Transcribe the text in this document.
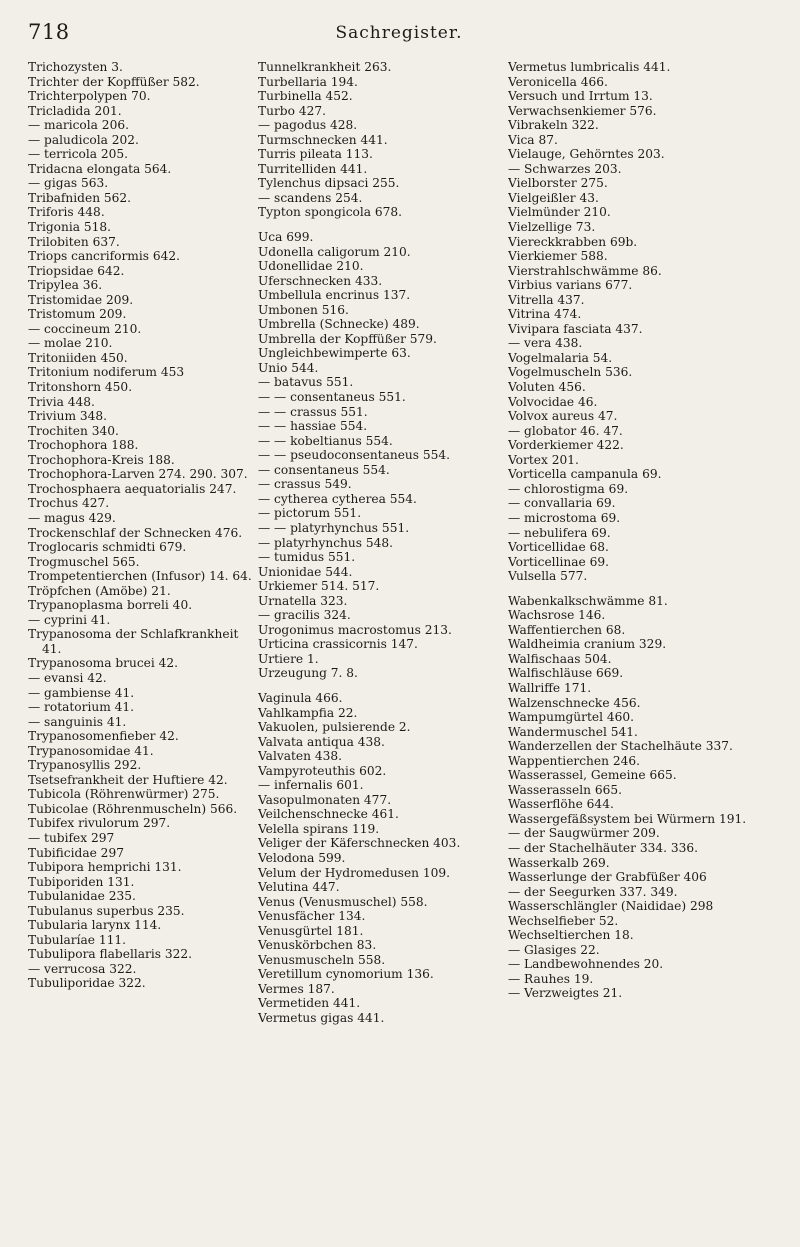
718	Sachregister.
Trichozysten 3.
Trichter der Kopffüßer 582.
Trichterpolypen 70.
Tricladida 201.
— maricola 206.
— paludicola 202.
— terricola 205.
Tridacna elongata 564.
— gigas 563.
Tribafniden 562.
Triforis 448.
Trigonia 518.
Trilobiten 637.
Triops cancriformis 642.
Triopsidae 642.
Tripylea 36.
Tristomidae 209.
Tristomum 209.
— coccineum 210.
— molae 210.
Tritoniiden 450.
Tritonium nodiferum 453
Tritonshorn 450.
Trivia 448.
Trivium 348.
Trochiten 340.
Trochophora 188.
Trochophora-Kreis 188.
Trochophora-Larven 274. 290. 307.
Trochosphaera aequatorialis 247.
Trochus 427.
— magus 429.
Trockenschlaf der Schnecken 476.
Troglocaris schmidti 679.
Trogmuschel 565.
Trompetentierchen (Infusor) 14. 64.
Tröpfchen (Amöbe) 21.
Trypanoplasma borreli 40.
— cyprini 41.
Trypanosoma der Schlafkrankheit 41.
Trypanosoma brucei 42.
— evansi 42.
— gambiense 41.
— rotatorium 41.
— sanguinis 41.
Trypanosomenfieber 42.
Trypanosomidae 41.
Trypanosyllis 292.
Tsetsefrankheit der Huftiere 42.
Tubicola (Röhrenwürmer) 275.
Tubicolae (Röhrenmuscheln) 566.
Tubifex rivulorum 297.
— tubifex 297
Tubificidae 297
Tubipora hemprichi 131.
Tubiporiden 131.
Tubulanidae 235.
Tubulanus superbus 235.
Tubularia larynx 114.
Tubularíae 111.
Tubulipora flabellaris 322.
— verrucosa 322.
Tubuliporidae 322.
Tunnelkrankheit 263.
Turbellaria 194.
Turbinella 452.
Turbo 427.
— pagodus 428.
Turmschnecken 441.
Turris pileata 113.
Turritelliden 441.
Tylenchus dipsaci 255.
— scandens 254.
Typton spongicola 678.
Uca 699.
Udonella caligorum 210.
Udonellidae 210.
Uferschnecken 433.
Umbellula encrinus 137.
Umbonen 516.
Umbrella (Schnecke) 489.
Umbrella der Kopffüßer 579.
Ungleichbewimperte 63.
Unio 544.
— batavus 551.
— — consentaneus 551.
— — crassus 551.
— — hassiae 554.
— — kobeltianus 554.
— — pseudoconsentaneus 554.
— consentaneus 554.
— crassus 549.
— cytherea cytherea 554.
— pictorum 551.
— — platyrhynchus 551.
— platyrhynchus 548.
— tumidus 551.
Unionidae 544.
Urkiemer 514. 517.
Urnatella 323.
— gracilis 324.
Urogonimus macrostomus 213.
Urticina crassicornis 147.
Urtiere 1.
Urzeugung 7. 8.
Vaginula 466.
Vahlkampfia 22.
Vakuolen, pulsierende 2.
Valvata antiqua 438.
Valvaten 438.
Vampyroteuthis 602.
— infernalis 601.
Vasopulmonaten 477.
Veilchenschnecke 461.
Velella spirans 119.
Veliger der Käferschnecken 403.
Velodona 599.
Velum der Hydromedusen 109.
Velutina 447.
Venus (Venusmuschel) 558.
Venusfächer 134.
Venusgürtel 181.
Venuskörbchen 83.
Venusmuscheln 558.
Veretillum cynomorium 136.
Vermes 187.
Vermetiden 441.
Vermetus gigas 441.
Vermetus lumbricalis 441.
Veronicella 466.
Versuch und Irrtum 13.
Verwachsenkiemer 576.
Vibrakeln 322.
Vica 87.
Vielauge, Gehörntes 203.
— Schwarzes 203.
Vielborster 275.
Vielgeißler 43.
Vielmünder 210.
Vielzellige 73.
Viereckkrabben 69b.
Vierkiemer 588.
Vierstrahlschwämme 86.
Virbius varians 677.
Vitrella 437.
Vitrina 474.
Vivipara fasciata 437.
— vera 438.
Vogelmalaria 54.
Vogelmuscheln 536.
Voluten 456.
Volvocidae 46.
Volvox aureus 47.
— globator 46. 47.
Vorderkiemer 422.
Vortex 201.
Vorticella campanula 69.
— chlorostigma 69.
— convallaria 69.
— microstoma 69.
— nebulifera 69.
Vorticellidae 68.
Vorticellinae 69.
Vulsella 577.
Wabenkalkschwämme 81.
Wachsrose 146.
Waffentierchen 68.
Waldheimia cranium 329.
Walfischaas 504.
Walfischläuse 669.
Wallriffe 171.
Walzenschnecke 456.
Wampumgürtel 460.
Wandermuschel 541.
Wanderzellen der Stachelhäute 337.
Wappentierchen 246.
Wasserassel, Gemeine 665.
Wasserasseln 665.
Wasserflöhe 644.
Wassergefäßsystem bei Würmern 191.
— der Saugwürmer 209.
— der Stachelhäuter 334. 336.
Wasserkalb 269.
Wasserlunge der Grabfüßer 406
— der Seegurken 337. 349.
Wasserschlängler (Naididae) 298
Wechselfieber 52.
Wechseltierchen 18.
— Glasiges 22.
— Landbewohnendes 20.
— Rauhes 19.
— Verzweigtes 21.
